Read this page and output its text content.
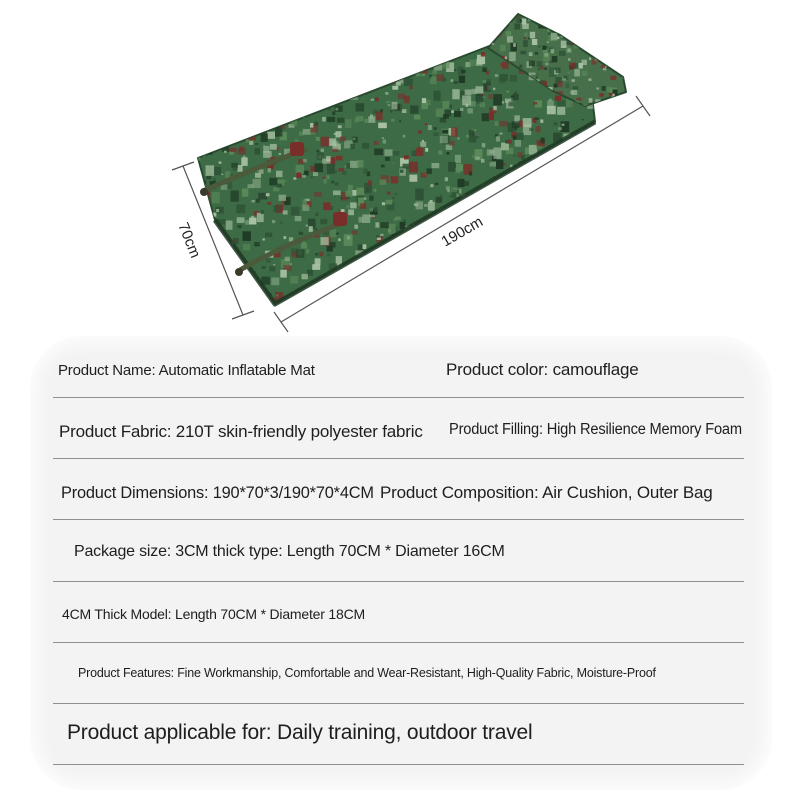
70cm	190cm
Product Name: Automatic Inflatable Mat	Product color: camouflage
Product Fabric: 210T skin-friendly polyester fabric Product Filling: High Resilience Memory Foam
Product Dimensions: 190*70*3/190*70*4CM Product Composition: Air Cushion, Outer Bag
Package size: 3CM thick type: Length 70CM * Diameter 16CM
4CM Thick Model: Length 70CM * Diameter 18CM
Product Features: Fine Workmanship, Comfortable and Wear-Resistant, High-Quality Fabric, Moisture-Proof
Product applicable for: Daily training, outdoor travel
